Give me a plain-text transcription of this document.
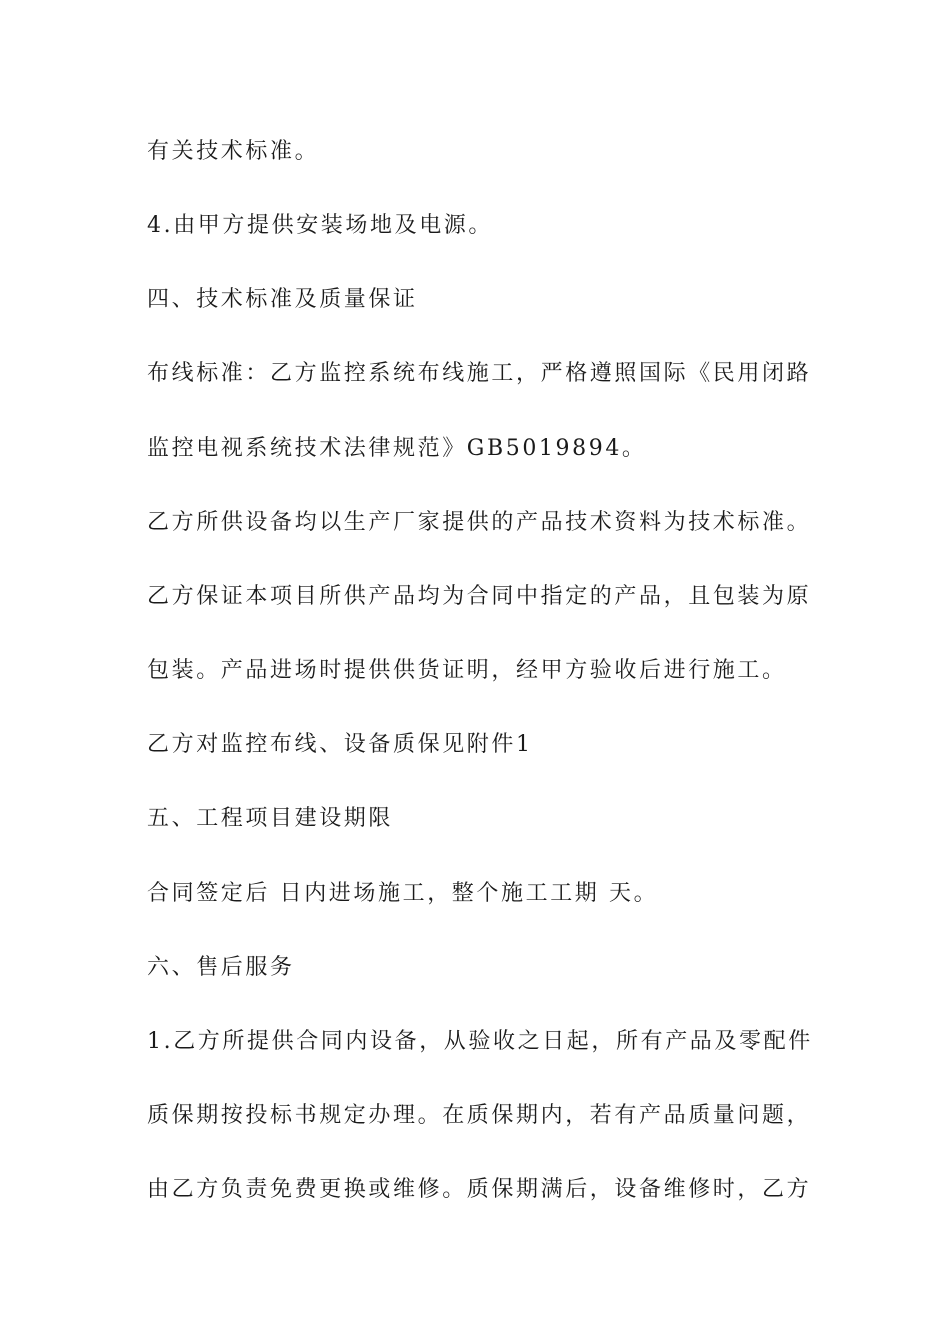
有关技术标准。

4.由甲方提供安装场地及电源。

四、技术标准及质量保证

布线标准：乙方监控系统布线施工，严格遵照国际《民用闭路

监控电视系统技术法律规范》GB5019894。

乙方所供设备均以生产厂家提供的产品技术资料为技术标准。

乙方保证本项目所供产品均为合同中指定的产品，且包装为原

包装。产品进场时提供供货证明，经甲方验收后进行施工。

乙方对监控布线、设备质保见附件1

五、工程项目建设期限

合同签定后 日内进场施工，整个施工工期 天。

六、售后服务

1.乙方所提供合同内设备，从验收之日起，所有产品及零配件

质保期按投标书规定办理。在质保期内，若有产品质量问题，

由乙方负责免费更换或维修。质保期满后，设备维修时，乙方
